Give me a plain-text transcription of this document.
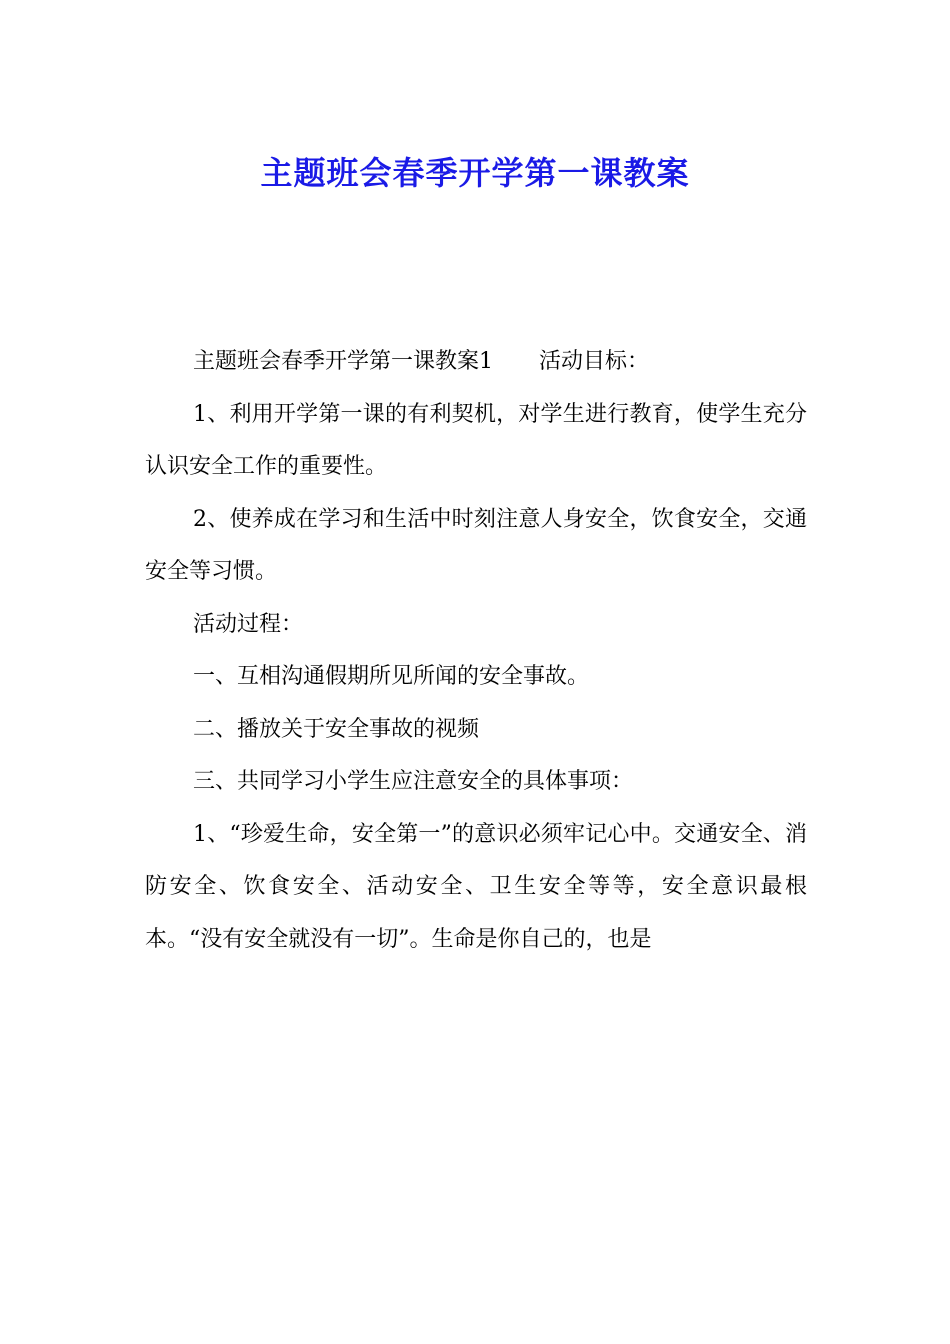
主题班会春季开学第一课教案

主题班会春季开学第一课教案1 活动目标：

1、利用开学第一课的有利契机，对学生进行教育，使学生充分认识安全工作的重要性。

2、使养成在学习和生活中时刻注意人身安全，饮食安全，交通安全等习惯。

活动过程：

一、互相沟通假期所见所闻的安全事故。

二、播放关于安全事故的视频

三、共同学习小学生应注意安全的具体事项：

1、“珍爱生命，安全第一”的意识必须牢记心中。交通安全、消防安全、饮食安全、活动安全、卫生安全等等，安全意识最根本。“没有安全就没有一切”。生命是你自己的，也是
